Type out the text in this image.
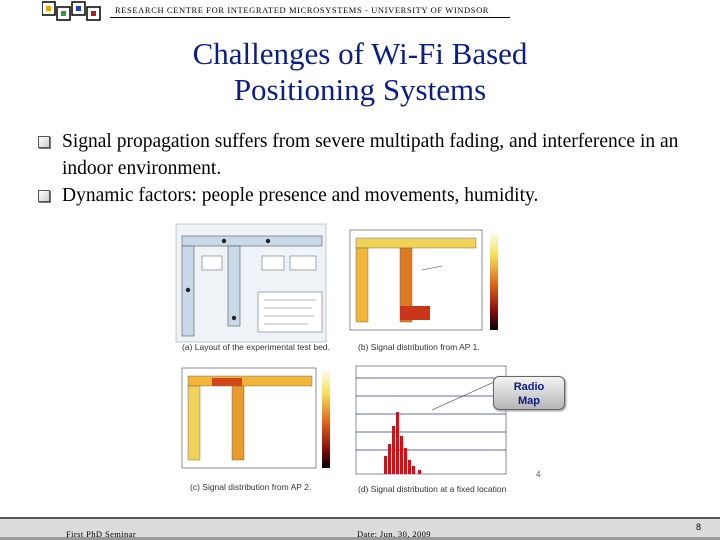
RESEARCH CENTRE FOR INTEGRATED MICROSYSTEMS - UNIVERSITY OF WINDSOR
Challenges of Wi-Fi Based
Positioning Systems
Signal propagation suffers from severe multipath fading, and interference in an indoor environment.
Dynamic factors: people presence and movements, humidity.
(a) Layout of the experimental test bed.	(b) Signal distribution from AP 1.
(c) Signal distribution from AP 2.	(d) Signal distribution at a fixed location
Radio
Map
4
First PhD Seminar	Date: Jun. 30, 2009
8
